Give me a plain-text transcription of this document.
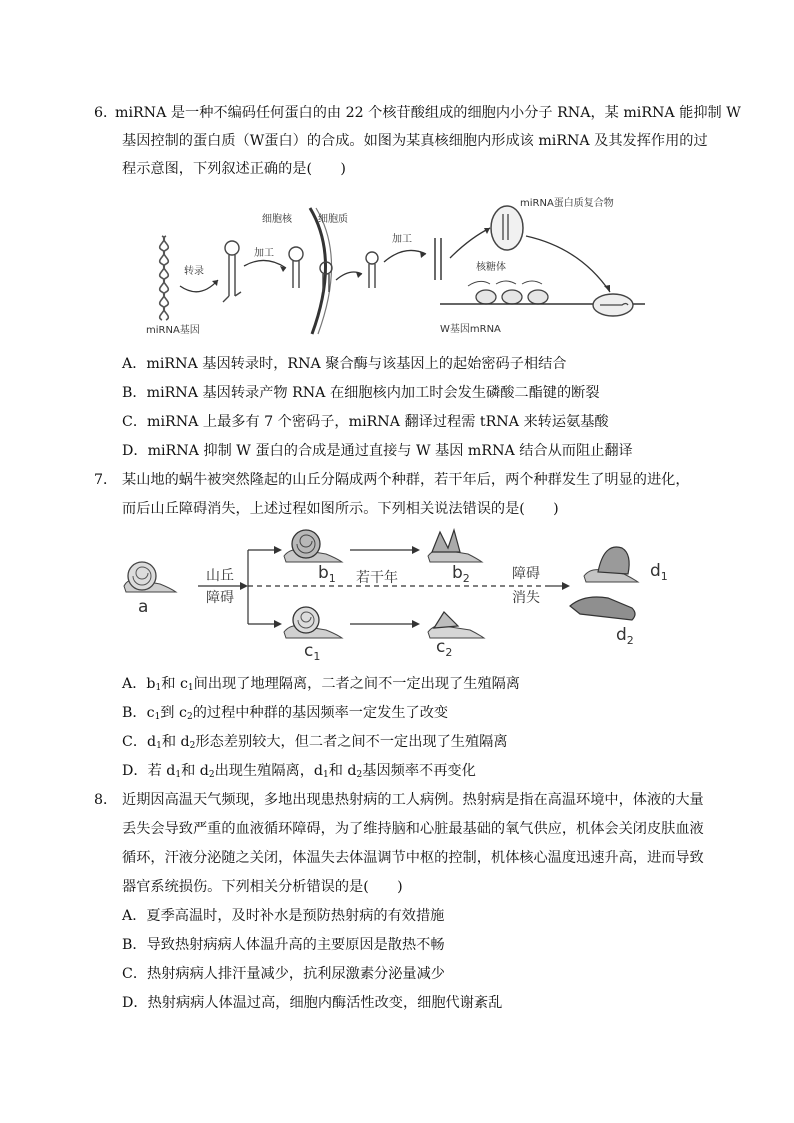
6．
miRNA 是一种不编码任何蛋白的由 22 个核苷酸组成的细胞内小分子 RNA，某 miRNA 能抑制 W
基因控制的蛋白质（W蛋白）的合成。如图为某真核细胞内形成该 miRNA 及其发挥作用的过
程示意图，下列叙述正确的是(　　)
miRNA基因
转录
加工
细胞核	细胞质
加工
miRNA蛋白质复合物
核糖体
W基因mRNA
A．miRNA 基因转录时，RNA 聚合酶与该基因上的起始密码子相结合
B．miRNA 基因转录产物 RNA 在细胞核内加工时会发生磷酸二酯键的断裂
C．miRNA 上最多有 7 个密码子，miRNA 翻译过程需 tRNA 来转运氨基酸
D．miRNA 抑制 W 蛋白的合成是通过直接与 W 基因 mRNA 结合从而阻止翻译
7． 某山地的蜗牛被突然隆起的山丘分隔成两个种群，若干年后，两个种群发生了明显的进化，
而后山丘障碍消失，上述过程如图所示。下列相关说法错误的是(　　)
a
山丘
障碍
$b_1$ 若干年	$b_2$
$c_1$	$c_2$
障碍
消失
$d_1$
$d_2$
A．$b_1$和 $c_1$间出现了地理隔离，二者之间不一定出现了生殖隔离
B．$c_1$到 $c_2$的过程中种群的基因频率一定发生了改变
C．$d_1$和 $d_2$形态差别较大，但二者之间不一定出现了生殖隔离
D．若 $d_1$和 $d_2$出现生殖隔离，$d_1$和 $d_2$基因频率不再变化
8． 近期因高温天气频现，多地出现患热射病的工人病例。热射病是指在高温环境中，体液的大量
丢失会导致严重的血液循环障碍，为了维持脑和心脏最基础的氧气供应，机体会关闭皮肤血液
循环，汗液分泌随之关闭，体温失去体温调节中枢的控制，机体核心温度迅速升高，进而导致
器官系统损伤。下列相关分析错误的是(　　)
A．夏季高温时，及时补水是预防热射病的有效措施
B．导致热射病病人体温升高的主要原因是散热不畅
C．热射病病人排汗量减少，抗利尿激素分泌量减少
D．热射病病人体温过高，细胞内酶活性改变，细胞代谢紊乱
